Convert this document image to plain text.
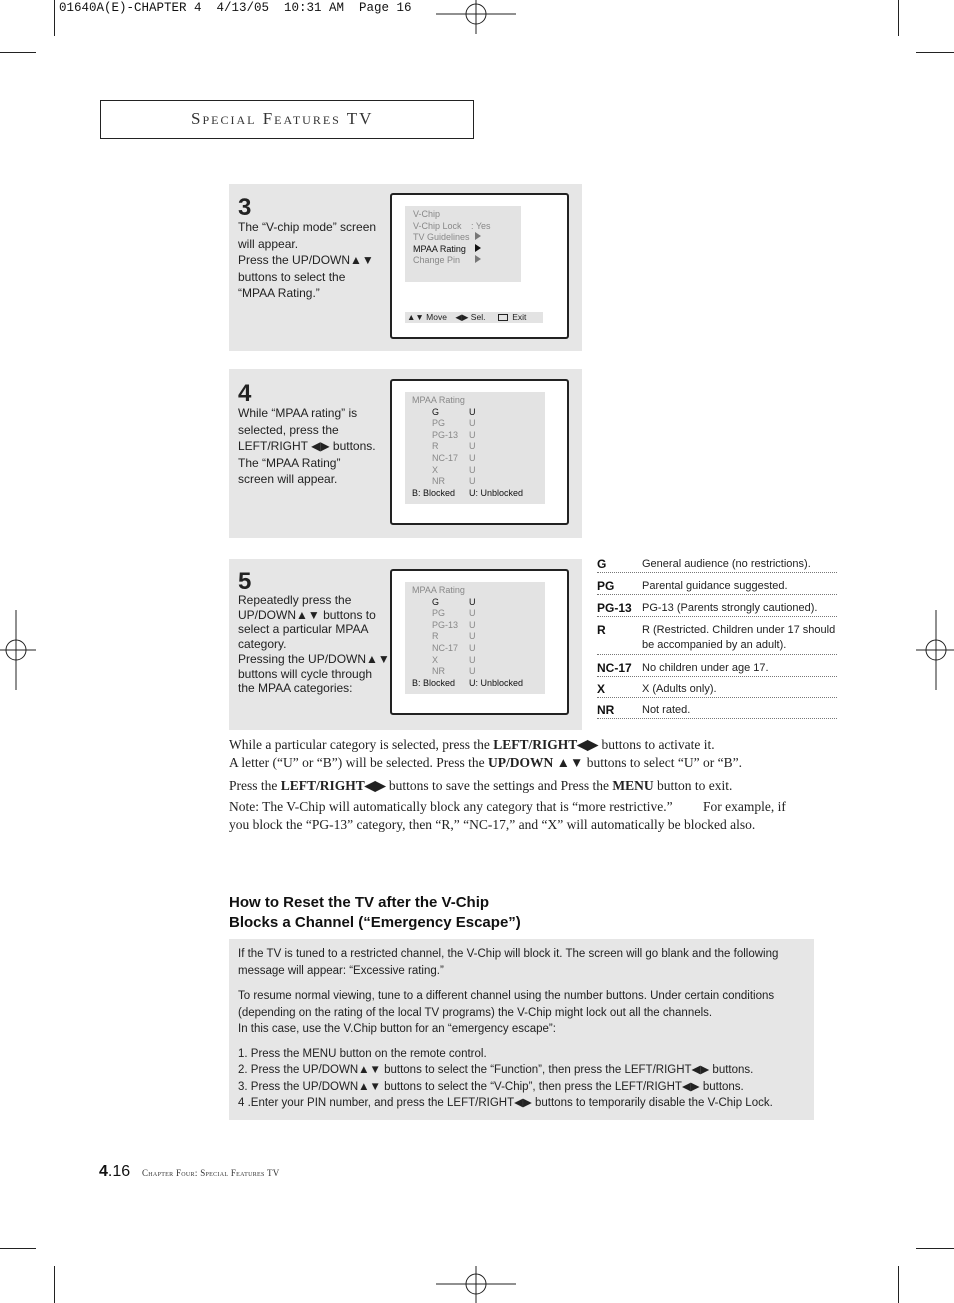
01640A(E)-CHAPTER 4  4/13/05  10:31 AM  Page 16
Special Features TV
3
The “V-chip mode” screen
will appear.
Press the UP/DOWN▲▼
buttons to select the
“MPAA Rating.”
V-Chip
V-Chip Lock : Yes
TV Guidelines
MPAA Rating
Change Pin
▲▼ Move ◀▶ Sel.	Exit
4
While “MPAA rating” is
selected, press the
LEFT/RIGHT ◀▶ buttons.
The “MPAA Rating”
screen will appear.
MPAA Rating
G	U
PG	U
PG-13 U
R	U
NC-17 U
X	U
NR	U
B: Blocked U: Unblocked
5
Repeatedly press the
UP/DOWN▲▼ buttons to
select a particular MPAA
category.
Pressing the UP/DOWN▲▼
buttons will cycle through
the MPAA categories:
MPAA Rating
G	U
PG	U
PG-13 U
R	U
NC-17 U
X	U
NR	U
B: Blocked U: Unblocked
G	General audience (no restrictions).
PG	Parental guidance suggested.
PG-13 PG-13 (Parents strongly cautioned).
R	R (Restricted. Children under 17 should be accompanied by an adult).
NC-17 No children under age 17.
X	X (Adults only).
NR	Not rated.
While a particular category is selected, press the LEFT/RIGHT◀▶ buttons to activate it.
A letter (“U” or “B”) will be selected. Press the UP/DOWN ▲▼ buttons to select “U” or “B”.
Press the LEFT/RIGHT◀▶ buttons to save the settings and Press the MENU button to exit.
Note: The V-Chip will automatically block any category that is “more restrictive.”         For example, if you block the “PG-13” category, then “R,” “NC-17,” and “X” will automatically be blocked also.
How to Reset the TV after the V-Chip
Blocks a Channel (“Emergency Escape”)

If the TV is tuned to a restricted channel, the V-Chip will block it. The screen will go blank and the following message will appear: “Excessive rating.”

To resume normal viewing, tune to a different channel using the number buttons. Under certain conditions (depending on the rating of the local TV programs) the V-Chip might lock out all the channels.
In this case, use the V.Chip button for an “emergency escape”:

1. Press the MENU button on the remote control.
2. Press the UP/DOWN▲▼ buttons to select the “Function”, then press the LEFT/RIGHT◀▶ buttons.
3. Press the UP/DOWN▲▼ buttons to select the “V-Chip”, then press the LEFT/RIGHT◀▶ buttons.
4 .Enter your PIN number, and press the LEFT/RIGHT◀▶ buttons to temporarily disable the V-Chip Lock.
4.16 Chapter Four: Special Features TV
